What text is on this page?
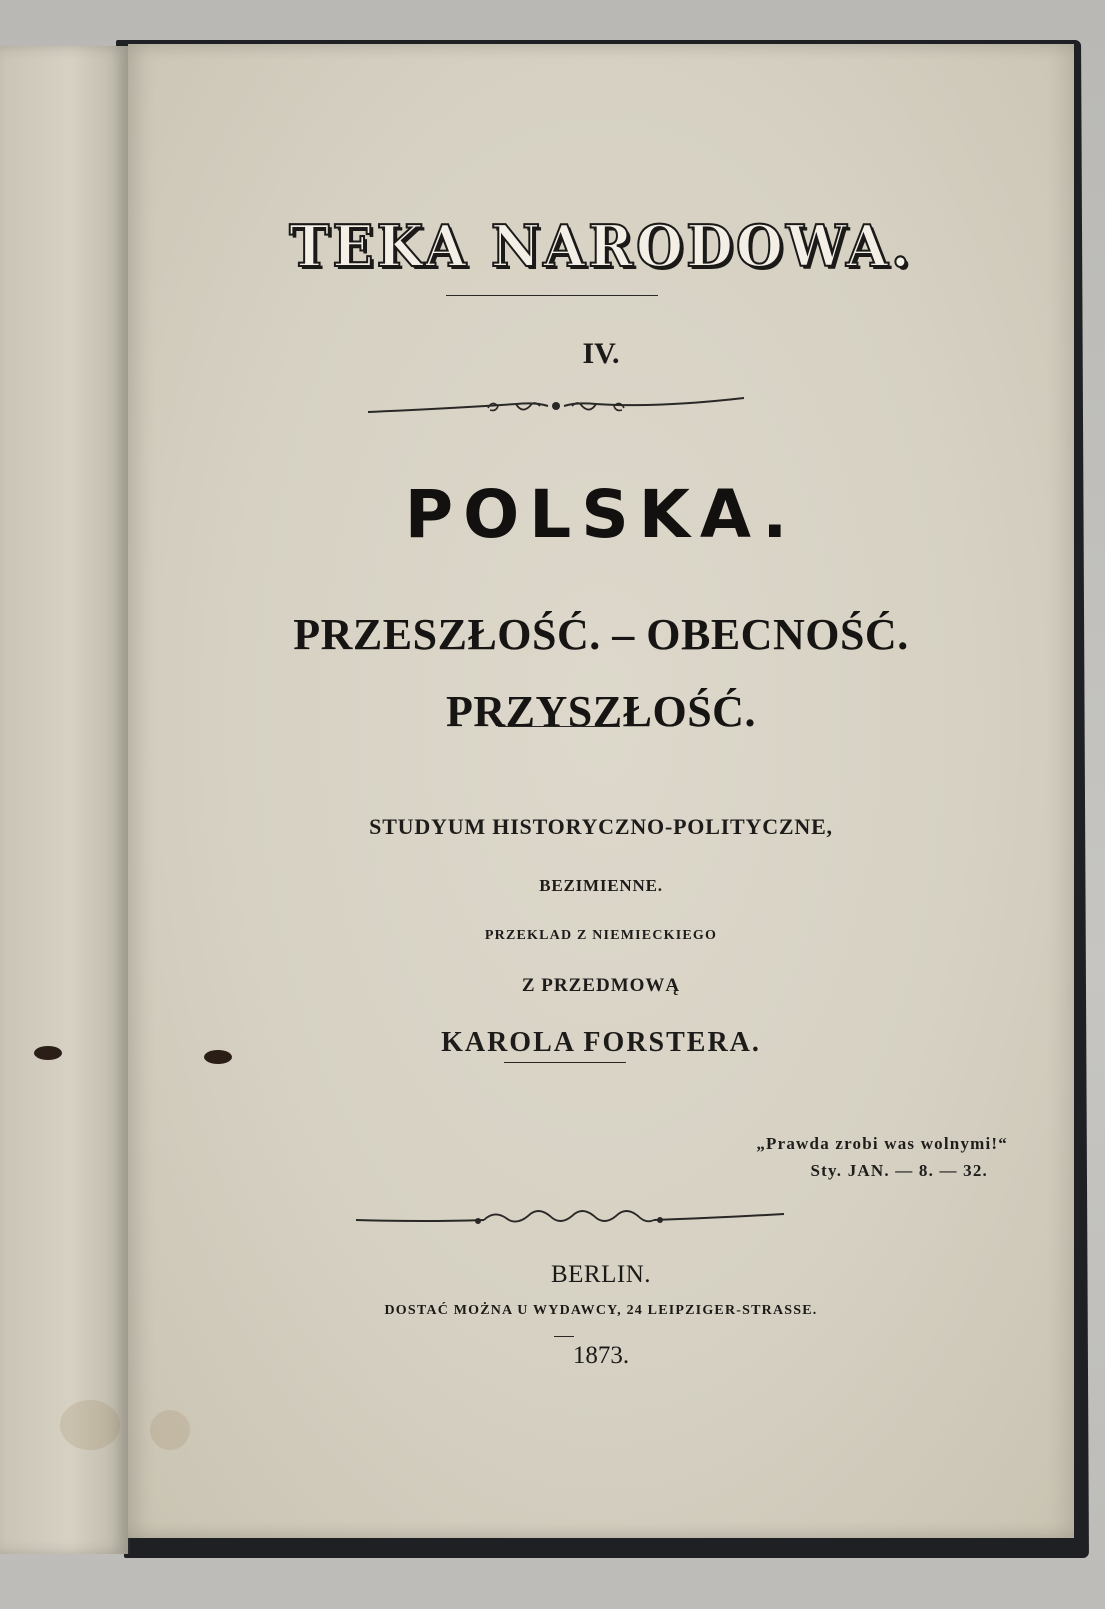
TEKA NARODOWA.
IV.
POLSKA.
PRZESZŁOŚĆ. – OBECNOŚĆ.
PRZYSZŁOŚĆ.
STUDYUM HISTORYCZNO-POLITYCZNE,
BEZIMIENNE.
PRZEKLAD Z NIEMIECKIEGO
Z PRZEDMOWĄ
KAROLA FORSTERA.
„Prawda zrobi was wolnymi!“
Sty. JAN. — 8. — 32.
BERLIN.
DOSTAĆ MOŻNA U WYDAWCY, 24 LEIPZIGER-STRASSE.
1873.
